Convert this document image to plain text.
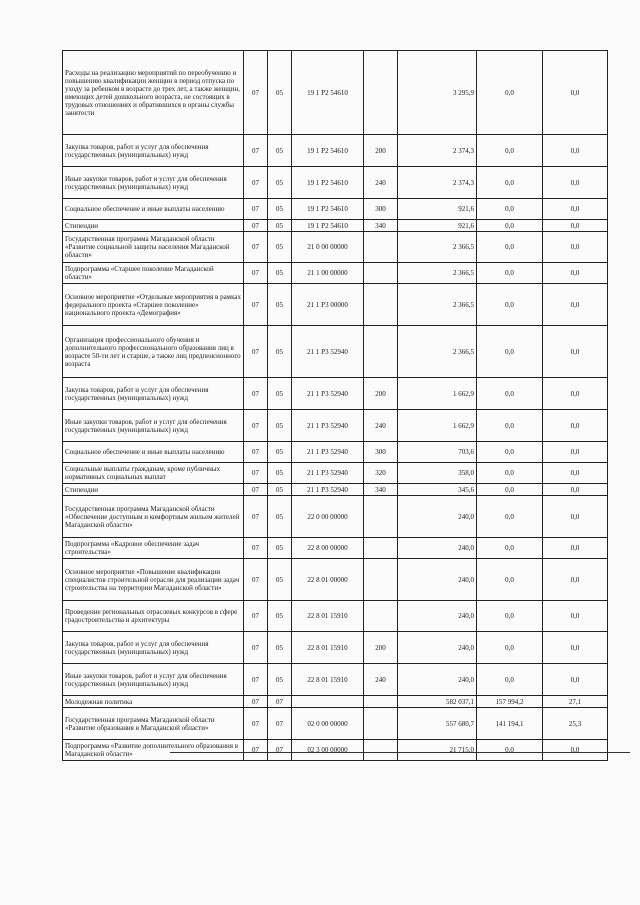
Расходы на реализацию мероприятий по переобучению и повышению квалификации женщин в период отпуска по уходу за ребенком в возрасте до трех лет, а также женщин, имеющих детей дошкольного возраста, не состоящих в трудовых отношениях и обратившихся в органы службы занятости	07	05	19 1 P2 54610		3 295,9	0,0	0,0
Закупка товаров, работ и услуг для обеспечения государственных (муниципальных) нужд	07	05	19 1 P2 54610	200	2 374,3	0,0	0,0
Иные закупки товаров, работ и услуг для обеспечения государственных (муниципальных) нужд	07	05	19 1 P2 54610	240	2 374,3	0,0	0,0
Социальное обеспечение и иные выплаты населению	07	05	19 1 P2 54610	300	921,6	0,0	0,0
Стипендии	07	05	19 1 P2 54610	340	921,6	0,0	0,0
Государственная программа Магаданской области «Развитие социальной защиты населения Магаданской области»	07	05	21 0 00 00000		2 366,5	0,0	0,0
Подпрограмма «Старшее поколение Магаданской области»	07	05	21 1 00 00000		2 366,5	0,0	0,0
Основное мероприятие «Отдельные мероприятия в рамках федерального проекта «Старшее поколение» национального проекта «Демография»	07	05	21 1 P3 00000		2 366,5	0,0	0,0
Организация профессионального обучения и дополнительного профессионального образования лиц в возрасте 50-ти лет и старше, а также лиц предпенсионного возраста	07	05	21 1 P3 52940		2 366,5	0,0	0,0
Закупка товаров, работ и услуг для обеспечения государственных (муниципальных) нужд	07	05	21 1 P3 52940	200	1 662,9	0,0	0,0
Иные закупки товаров, работ и услуг для обеспечения государственных (муниципальных) нужд	07	05	21 1 P3 52940	240	1 662,9	0,0	0,0
Социальное обеспечение и иные выплаты населению	07	05	21 1 P3 52940	300	703,6	0,0	0,0
Социальные выплаты гражданам, кроме публичных нормативных социальных выплат	07	05	21 1 P3 52940	320	358,0	0,0	0,0
Стипендии	07	05	21 1 P3 52940	340	345,6	0,0	0,0
Государственная программа Магаданской области «Обеспечение доступным и комфортным жильем жителей Магаданской области»	07	05	22 0 00 00000		240,0	0,0	0,0
Подпрограмма «Кадровое обеспечение задач строительства»	07	05	22 8 00 00000		240,0	0,0	0,0
Основное мероприятие «Повышение квалификации специалистов строительной отрасли для реализации задач строительства на территории Магаданской области»	07	05	22 8 01 00000		240,0	0,0	0,0
Проведение региональных отраслевых конкурсов в сфере градостроительства и архитектуры	07	05	22 8 01 15910		240,0	0,0	0,0
Закупка товаров, работ и услуг для обеспечения государственных (муниципальных) нужд	07	05	22 8 01 15910	200	240,0	0,0	0,0
Иные закупки товаров, работ и услуг для обеспечения государственных (муниципальных) нужд	07	05	22 8 01 15910	240	240,0	0,0	0,0
Молодежная политика	07	07			582 037,1	157 994,2	27,1
Государственная программа Магаданской области «Развитие образования в Магаданской области»	07	07	02 0 00 00000		557 680,7	141 194,1	25,3
Подпрограмма «Развитие дополнительного образования в Магаданской области»	07	07	02 3 00 00000		21 715,0	0,0	0,0
